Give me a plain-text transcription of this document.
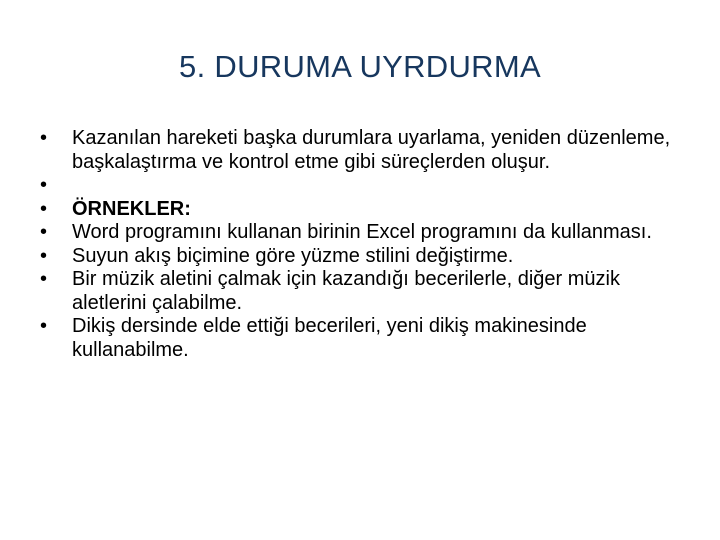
5. DURUMA UYRDURMA
•	Kazanılan hareketi başka durumlara uyarlama, yeniden düzenleme, başkalaştırma ve kontrol etme gibi süreçlerden oluşur.
•
•	ÖRNEKLER:
•	Word programını kullanan birinin Excel programını da kullanması.
•	Suyun akış biçimine göre yüzme stilini değiştirme.
•	Bir müzik aletini çalmak için kazandığı becerilerle, diğer müzik aletlerini çalabilme.
•	Dikiş dersinde elde ettiği becerileri, yeni dikiş makinesinde kullanabilme.
